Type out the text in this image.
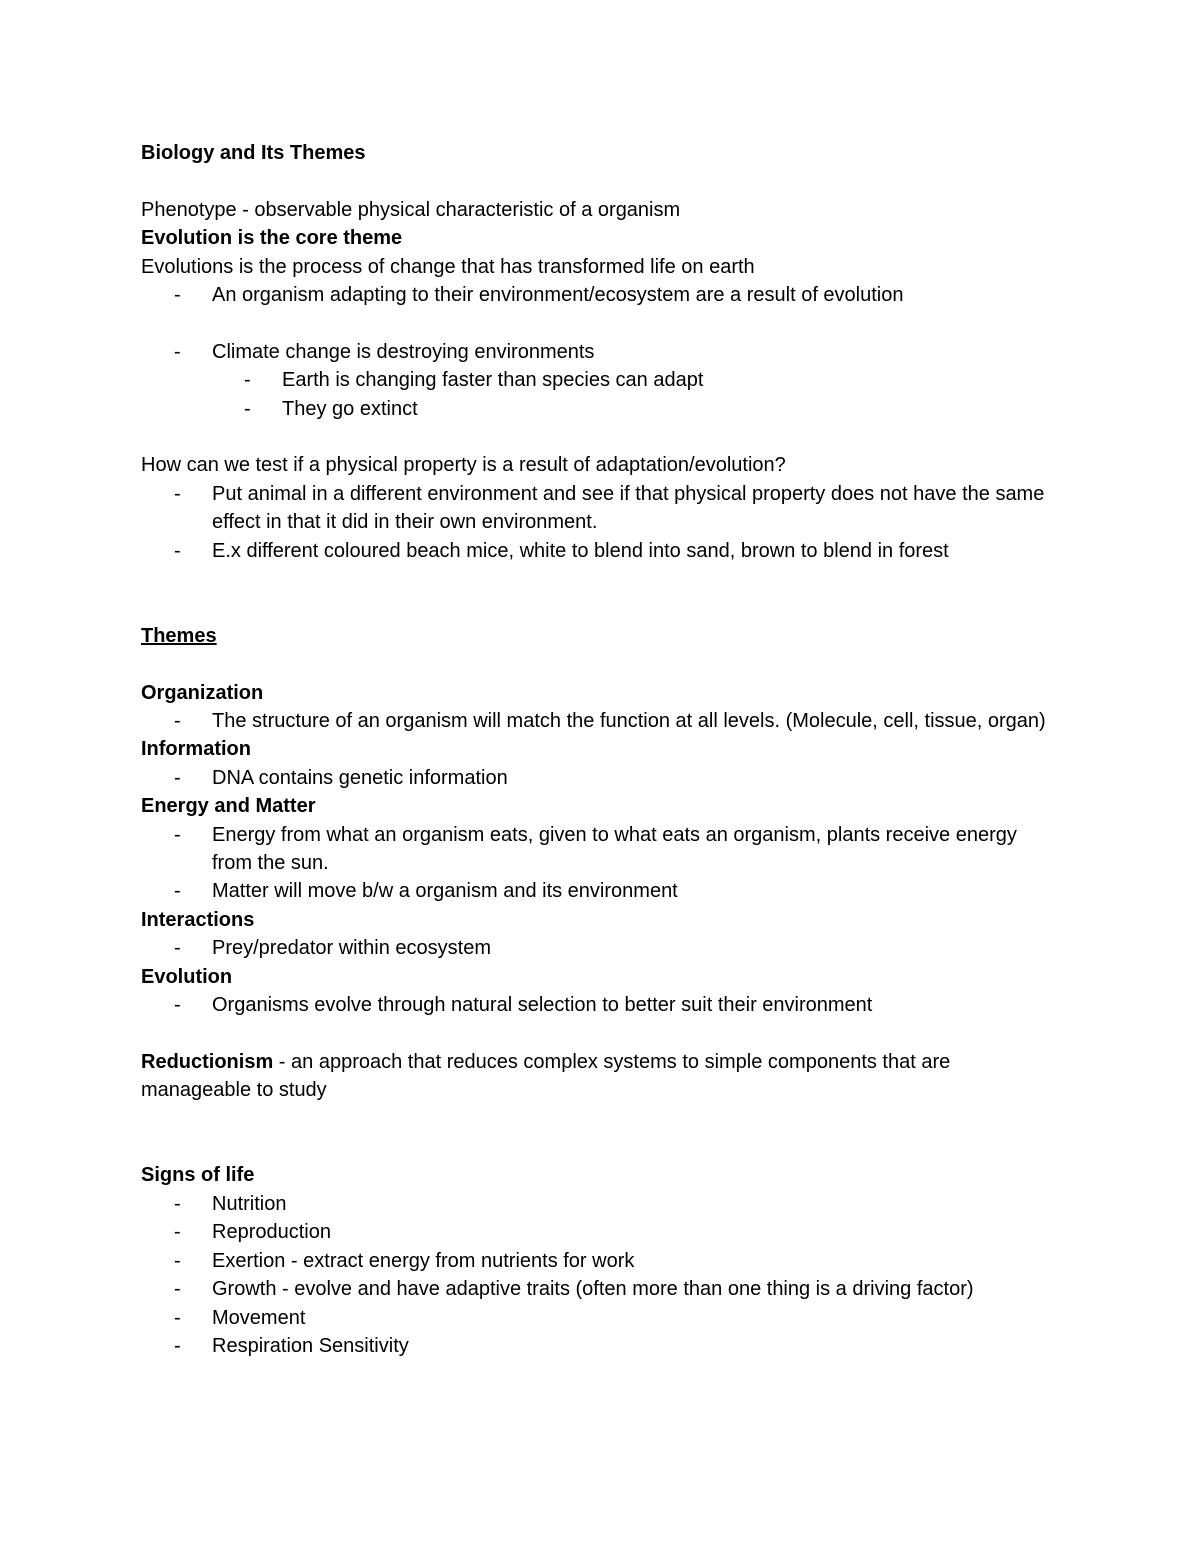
Biology and Its Themes
Phenotype - observable physical characteristic of a organism
Evolution is the core theme
Evolutions is the process of change that has transformed life on earth
- An organism adapting to their environment/ecosystem are a result of evolution
- Climate change is destroying environments
- Earth is changing faster than species can adapt
- They go extinct
How can we test if a physical property is a result of adaptation/evolution?
- Put animal in a different environment and see if that physical property does not have the same effect in that it did in their own environment.
- E.x different coloured beach mice, white to blend into sand, brown to blend in forest
Themes
Organization
- The structure of an organism will match the function at all levels. (Molecule, cell, tissue, organ)
Information
- DNA contains genetic information
Energy and Matter
- Energy from what an organism eats, given to what eats an organism, plants receive energy from the sun.
- Matter will move b/w a organism and its environment
Interactions
- Prey/predator within ecosystem
Evolution
- Organisms evolve through natural selection to better suit their environment
Reductionism - an approach that reduces complex systems to simple components that are manageable to study
Signs of life
- Nutrition
- Reproduction
- Exertion - extract energy from nutrients for work
- Growth - evolve and have adaptive traits (often more than one thing is a driving factor)
- Movement
- Respiration Sensitivity
